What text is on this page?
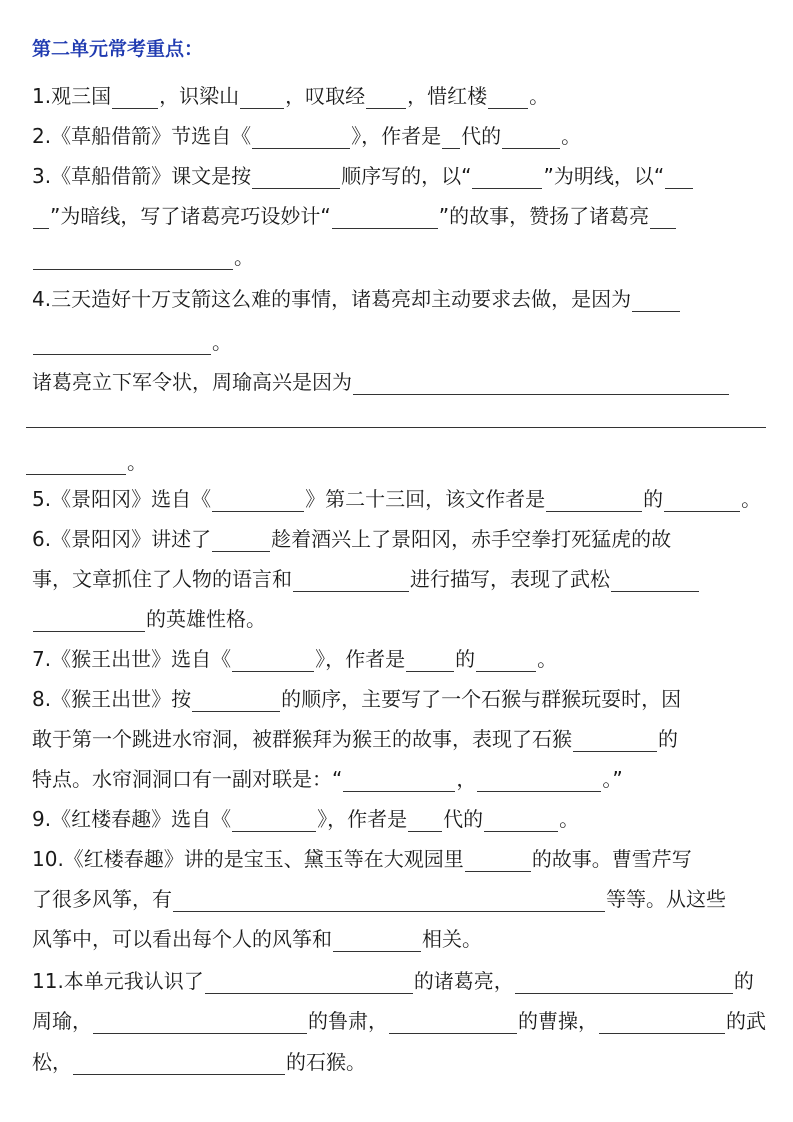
第二单元常考重点：
1.观三国 ，识梁山 ，叹取经 ，惜红楼 。
2.《草船借箭》节选自《	》，作者是 代的	。
3.《草船借箭》课文是按	顺序写的，以“	”为明线，以“
”为暗线，写了诸葛亮巧设妙计“	”的故事，赞扬了诸葛亮
。
4.三天造好十万支箭这么难的事情，诸葛亮却主动要求去做，是因为
。
诸葛亮立下军令状，周瑜高兴是因为
。
5.《景阳冈》选自《	》第二十三回，该文作者是	的	。
6.《景阳冈》讲述了	趁着酒兴上了景阳冈，赤手空拳打死猛虎的故
事，文章抓住了人物的语言和	进行描写，表现了武松
的英雄性格。
7.《猴王出世》选自《	》，作者是	的	。
8.《猴王出世》按	的顺序，主要写了一个石猴与群猴玩耍时，因
敢于第一个跳进水帘洞，被群猴拜为猴王的故事，表现了石猴	的
特点。水帘洞洞口有一副对联是：“	，	。”
9.《红楼春趣》选自《	》，作者是 代的	。
10.《红楼春趣》讲的是宝玉、黛玉等在大观园里	的故事。曹雪芹写
了很多风筝，有	等等。从这些
风筝中，可以看出每个人的风筝和	相关。
11.本单元我认识了	的诸葛亮，	的
周瑜，	的鲁肃，	的曹操，	的武
松，	的石猴。
